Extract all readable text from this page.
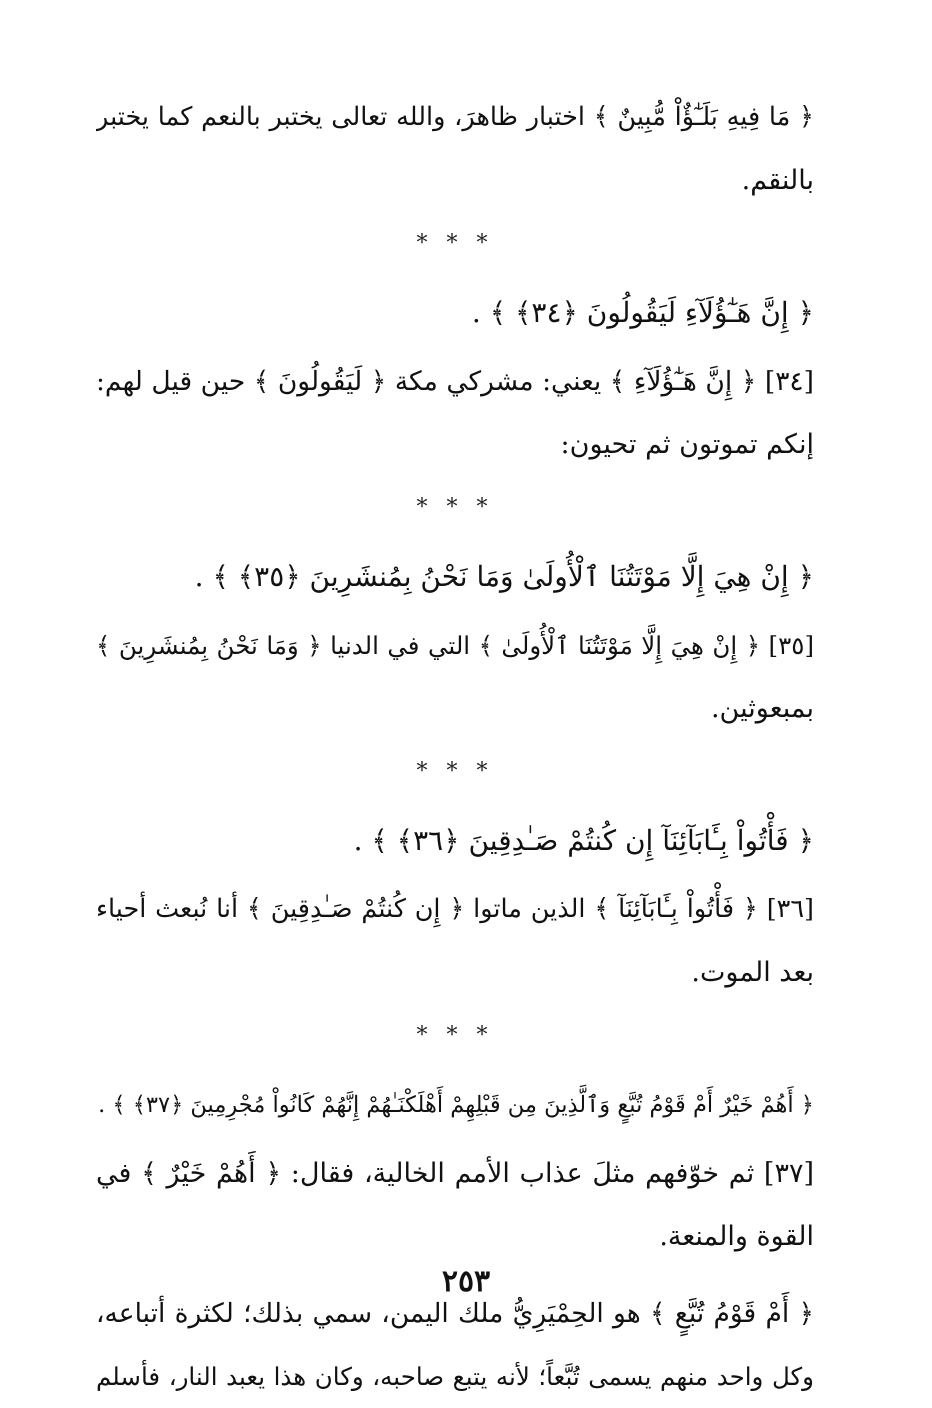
﴿ مَا فِيهِ بَلَـٰٓؤٌاْ مُّبِينٌ ﴾ اختبار ظاهرَ، والله تعالى يختبر بالنعم كما يختبر
بالنقم.
* * *
﴿ إِنَّ هَـٰٓؤُلَآءِ لَيَقُولُونَ ﴿٣٤﴾ ﴾ .
[٣٤] ﴿ إِنَّ هَـٰٓؤُلَآءِ ﴾ يعني: مشركي مكة ﴿ لَيَقُولُونَ ﴾ حين قيل لهم:
إنكم تموتون ثم تحيون:
* * *
﴿ إِنْ هِيَ إِلَّا مَوْتَتُنَا ٱلْأُولَىٰ وَمَا نَحْنُ بِمُنشَرِينَ ﴿٣٥﴾ ﴾ .
[٣٥] ﴿ إِنْ هِيَ إِلَّا مَوْتَتُنَا ٱلْأُولَىٰ ﴾ التي في الدنيا ﴿ وَمَا نَحْنُ بِمُنشَرِينَ ﴾
بمبعوثين.
* * *
﴿ فَأْتُواْ بِـَٔابَآئِنَآ إِن كُنتُمْ صَـٰدِقِينَ ﴿٣٦﴾ ﴾ .
[٣٦] ﴿ فَأْتُواْ بِـَٔابَآئِنَآ ﴾ الذين ماتوا ﴿ إِن كُنتُمْ صَـٰدِقِينَ ﴾ أنا نُبعث أحياء
بعد الموت.
* * *
﴿ أَهُمْ خَيْرٌ أَمْ قَوْمُ تُبَّعٍ وَٱلَّذِينَ مِن قَبْلِهِمْ أَهْلَكْنَـٰهُمْ إِنَّهُمْ كَانُواْ مُجْرِمِينَ ﴿٣٧﴾ ﴾ .
[٣٧] ثم خوّفهم مثلَ عذاب الأمم الخالية، فقال: ﴿ أَهُمْ خَيْرٌ ﴾ في
القوة والمنعة.
﴿ أَمْ قَوْمُ تُبَّعٍ ﴾ هو الحِمْيَرِيُّ ملك اليمن، سمي بذلك؛ لكثرة أتباعه،
وكل واحد منهم يسمى تُبَّعاً؛ لأنه يتبع صاحبه، وكان هذا يعبد النار، فأسلم
٢٥٣
